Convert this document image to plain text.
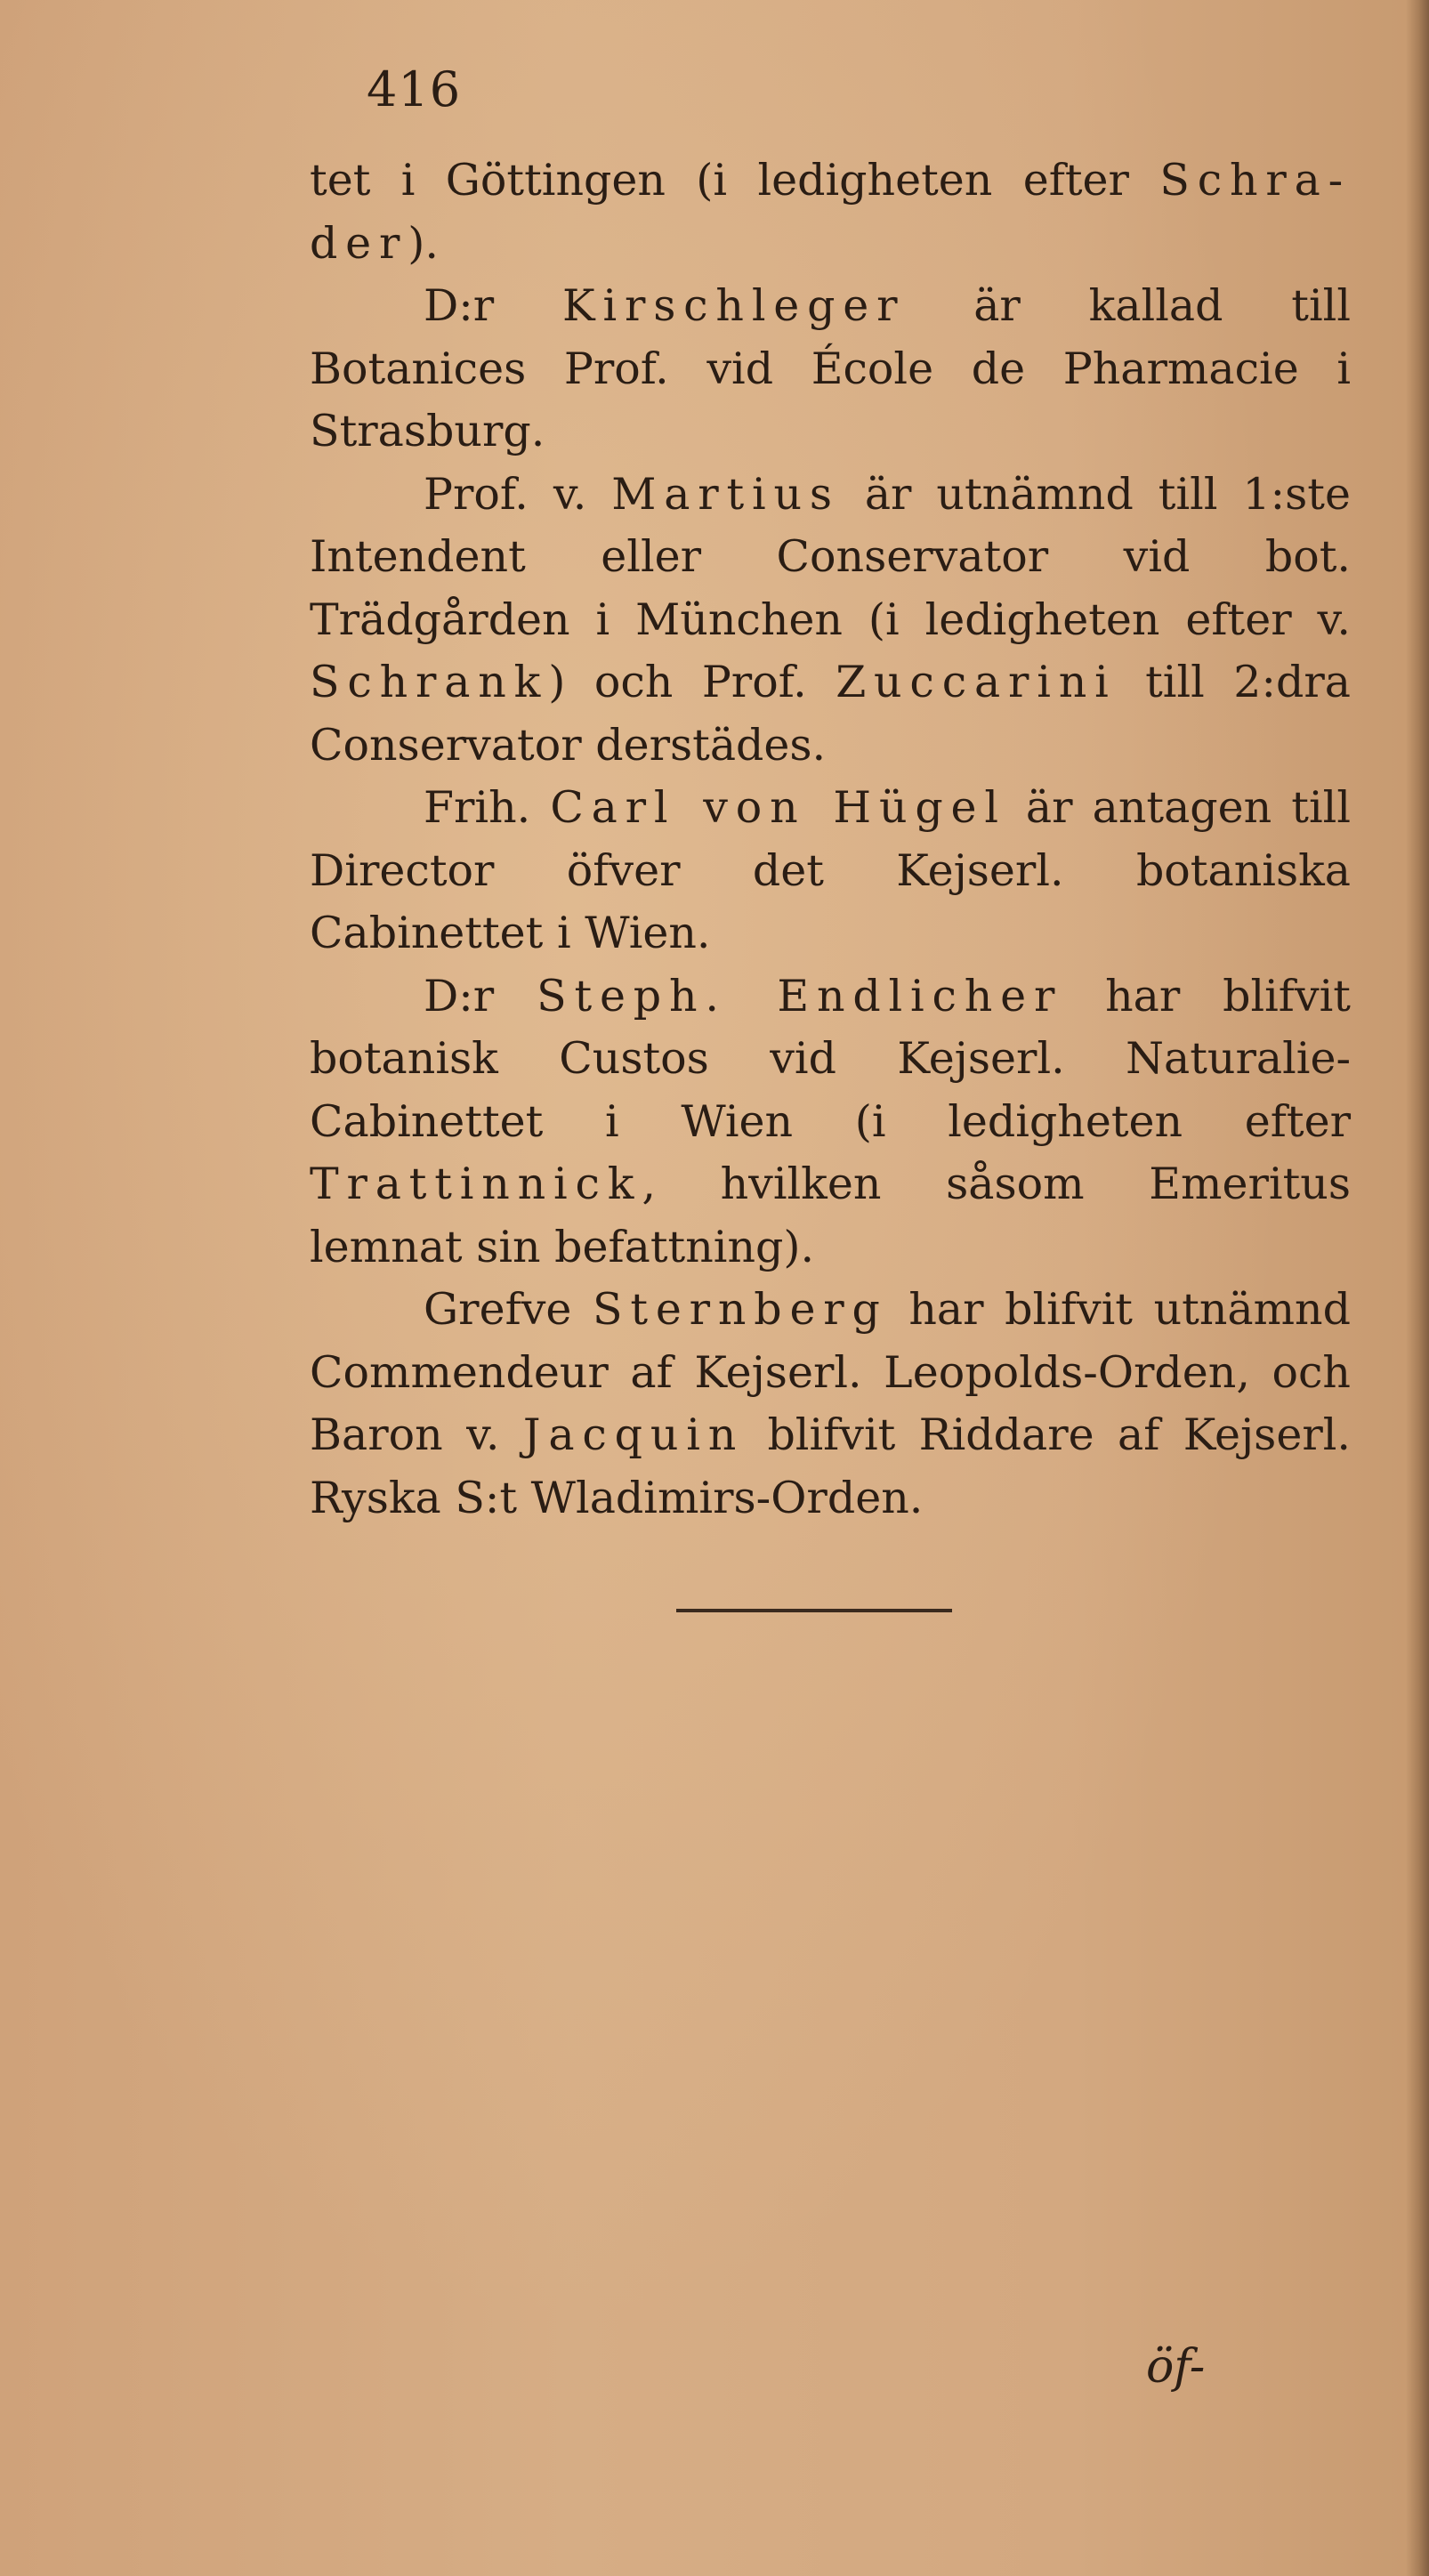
416

tet i Göttingen (i ledigheten efter Schra-der).

D:r Kirschleger är kallad till Botanices Prof. vid École de Pharmacie i Strasburg.

Prof. v. Martius är utnämnd till 1:ste Intendent eller Conservator vid bot. Trädgården i München (i ledigheten efter v. Schrank) och Prof. Zuccarini till 2:dra Conservator derstädes.

Frih. Carl von Hügel är antagen till Director öfver det Kejserl. botaniska Cabinettet i Wien.

D:r Steph. Endlicher har blifvit botanisk Custos vid Kejserl. Naturalie-Cabinettet i Wien (i ledigheten efter Trattinnick, hvilken såsom Emeritus lemnat sin befattning).

Grefve Sternberg har blifvit utnämnd Commendeur af Kejserl. Leopolds-Orden, och Baron v. Jacquin blifvit Riddare af Kejserl. Ryska S:t Wladimirs-Orden.

öf-
